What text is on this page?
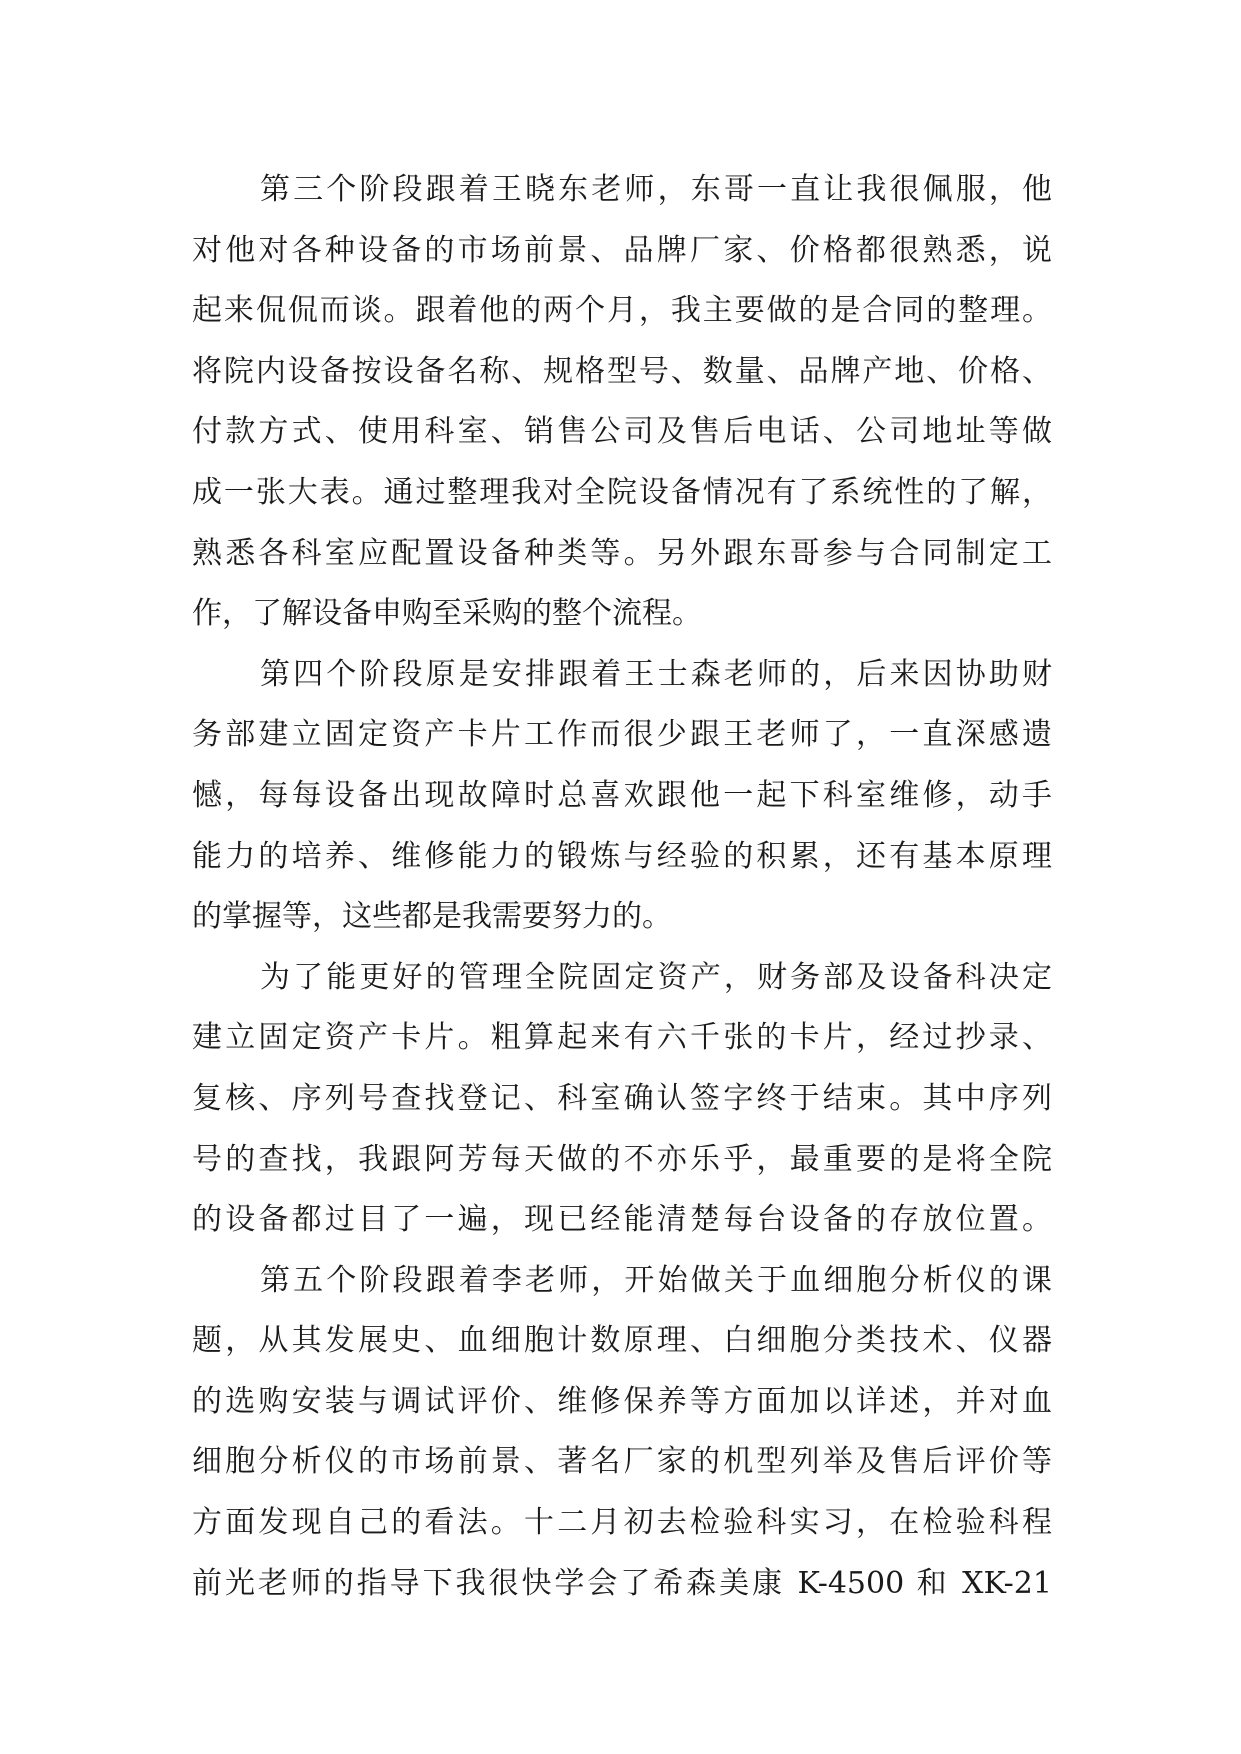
第三个阶段跟着王晓东老师，东哥一直让我很佩服，他
对他对各种设备的市场前景、品牌厂家、价格都很熟悉，说
起来侃侃而谈。跟着他的两个月，我主要做的是合同的整理。
将院内设备按设备名称、规格型号、数量、品牌产地、价格、
付款方式、使用科室、销售公司及售后电话、公司地址等做
成一张大表。通过整理我对全院设备情况有了系统性的了解，
熟悉各科室应配置设备种类等。另外跟东哥参与合同制定工
作，了解设备申购至采购的整个流程。
第四个阶段原是安排跟着王士森老师的，后来因协助财
务部建立固定资产卡片工作而很少跟王老师了，一直深感遗
憾，每每设备出现故障时总喜欢跟他一起下科室维修，动手
能力的培养、维修能力的锻炼与经验的积累，还有基本原理
的掌握等，这些都是我需要努力的。
为了能更好的管理全院固定资产，财务部及设备科决定
建立固定资产卡片。粗算起来有六千张的卡片，经过抄录、
复核、序列号查找登记、科室确认签字终于结束。其中序列
号的查找，我跟阿芳每天做的不亦乐乎，最重要的是将全院
的设备都过目了一遍，现已经能清楚每台设备的存放位置。
第五个阶段跟着李老师，开始做关于血细胞分析仪的课
题，从其发展史、血细胞计数原理、白细胞分类技术、仪器
的选购安装与调试评价、维修保养等方面加以详述，并对血
细胞分析仪的市场前景、著名厂家的机型列举及售后评价等
方面发现自己的看法。十二月初去检验科实习，在检验科程
前光老师的指导下我很快学会了希森美康 K-4500 和 XK-21
